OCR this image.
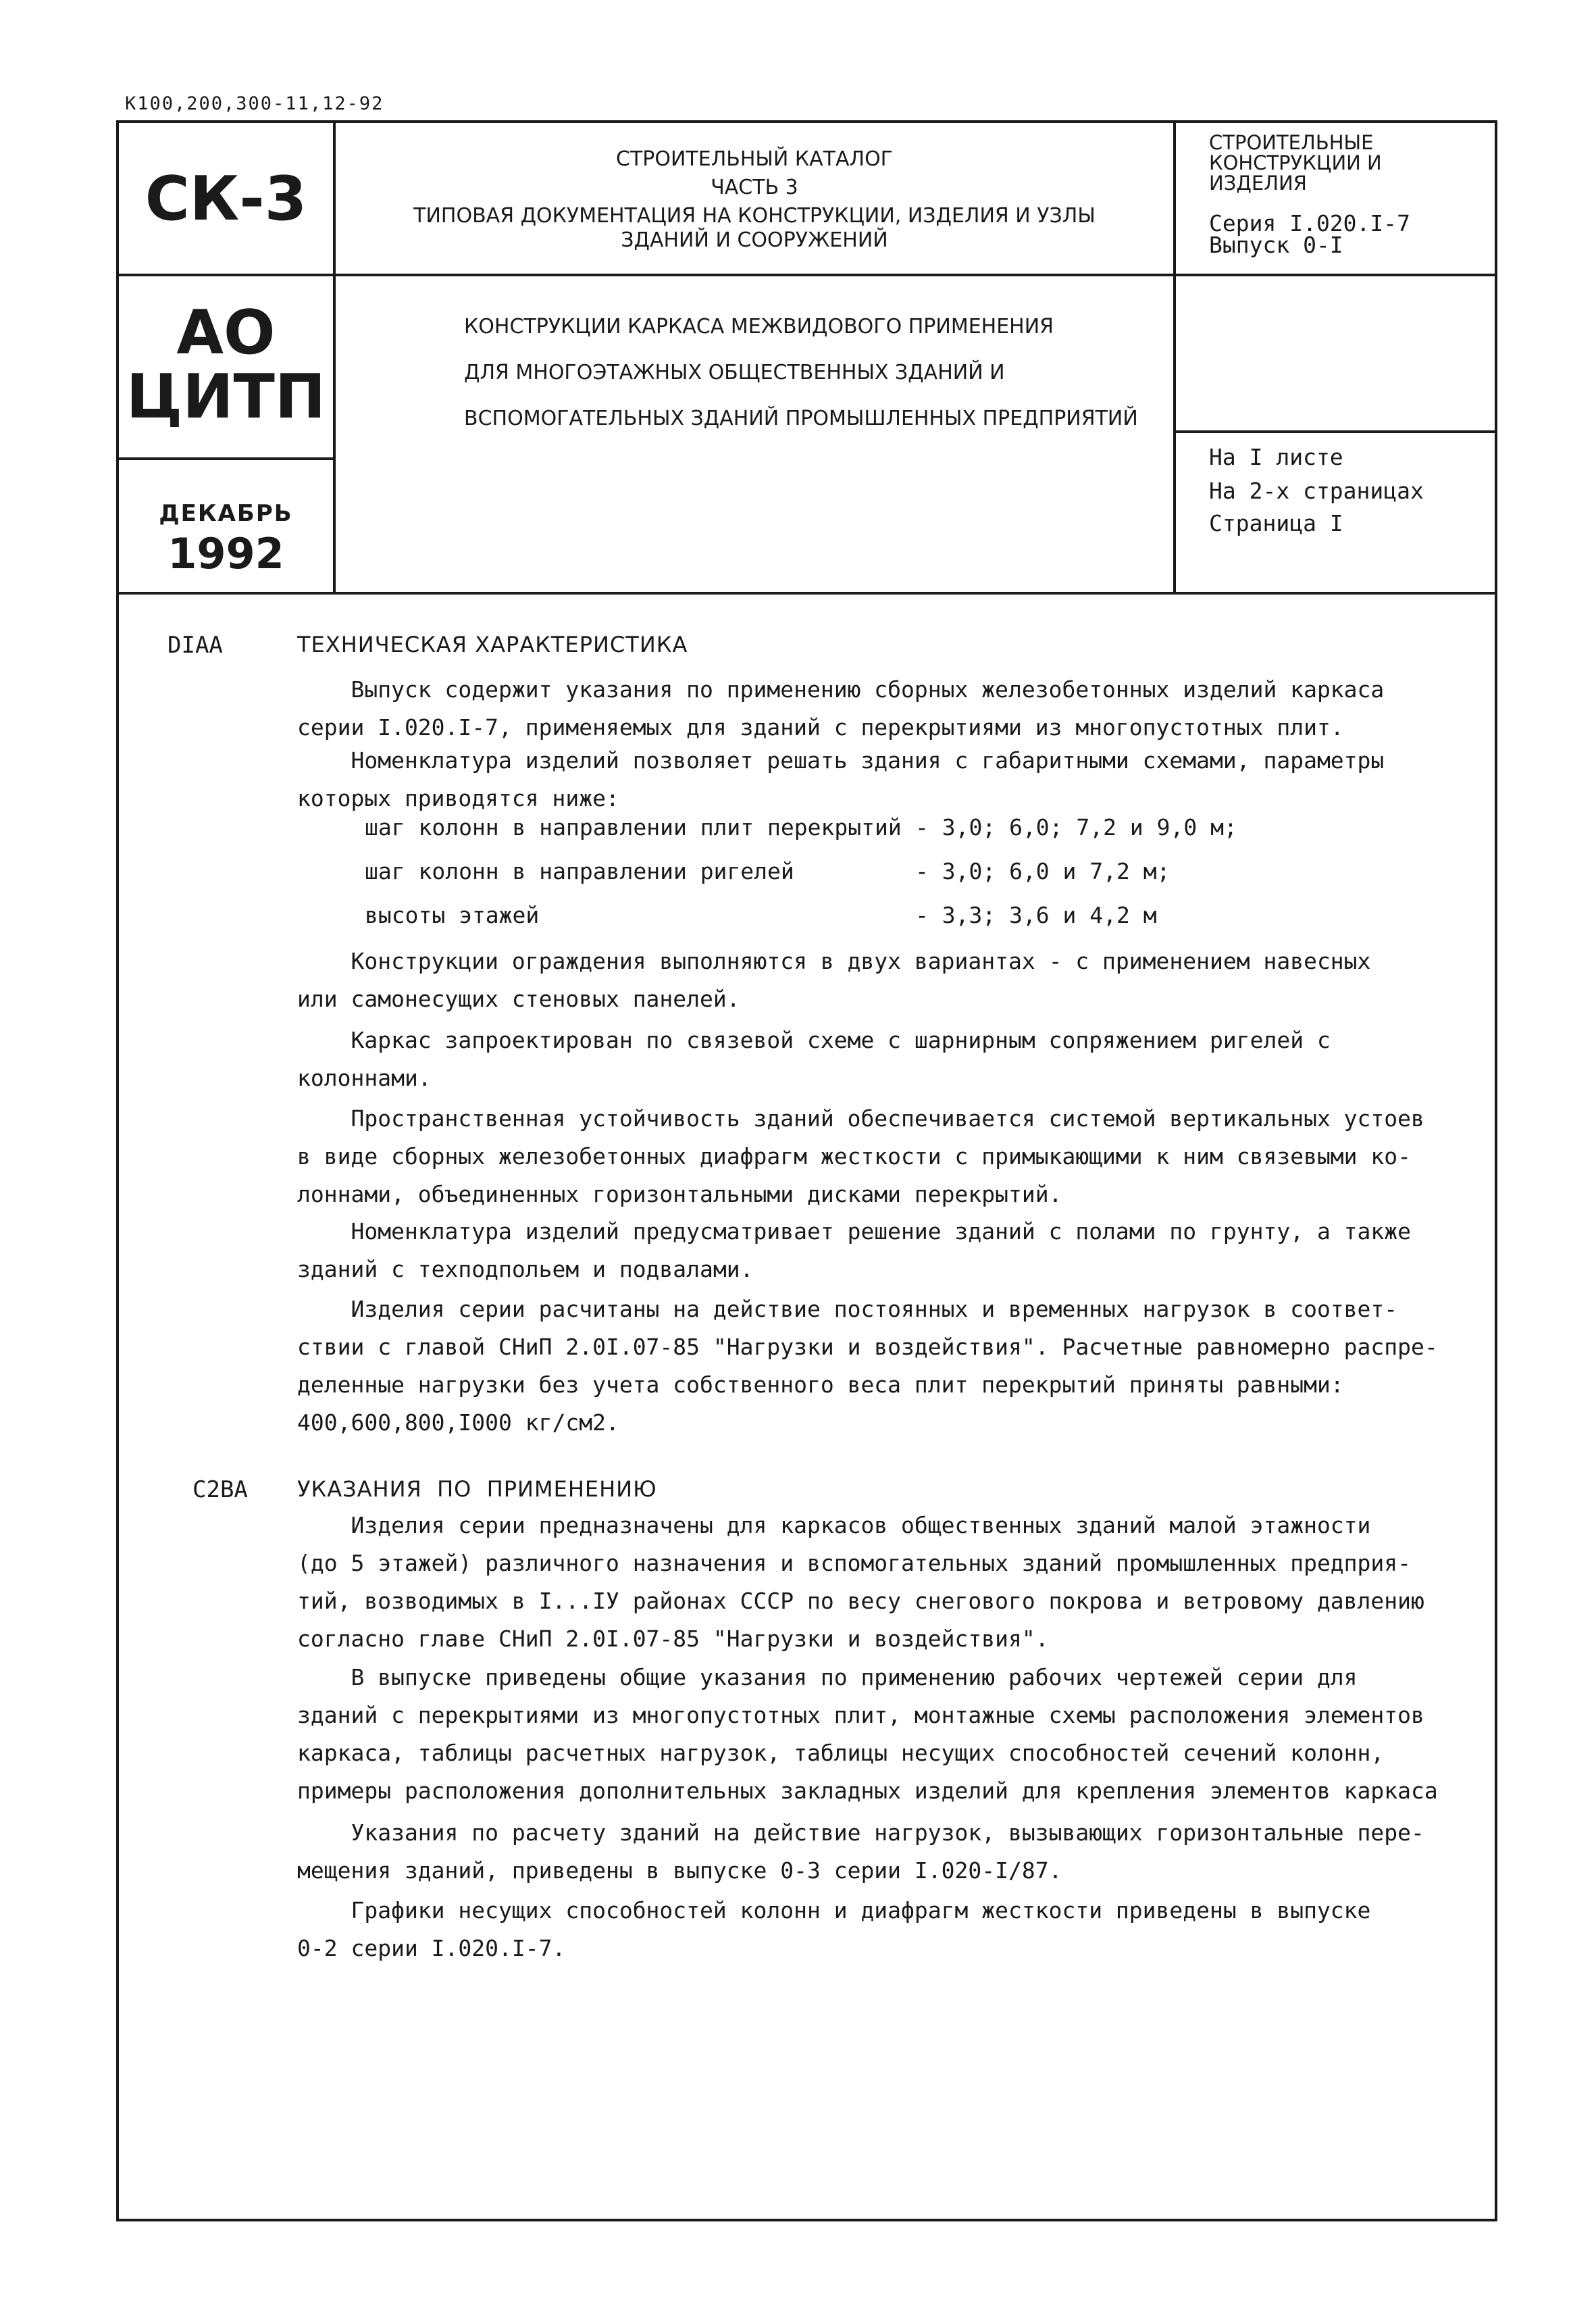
К100,200,300-11,12-92
СК-3
АО
ЦИТП
ДЕКАБРЬ
1992
СТРОИТЕЛЬНЫЙ КАТАЛОГ
ЧАСТЬ 3
ТИПОВАЯ ДОКУМЕНТАЦИЯ НА КОНСТРУКЦИИ, ИЗДЕЛИЯ И УЗЛЫ
ЗДАНИЙ И СООРУЖЕНИЙ
КОНСТРУКЦИИ КАРКАСА МЕЖВИДОВОГО ПРИМЕНЕНИЯ
ДЛЯ МНОГОЭТАЖНЫХ ОБЩЕСТВЕННЫХ ЗДАНИЙ И
ВСПОМОГАТЕЛЬНЫХ ЗДАНИЙ ПРОМЫШЛЕННЫХ ПРЕДПРИЯТИЙ
СТРОИТЕЛЬНЫЕ
КОНСТРУКЦИИ И
ИЗДЕЛИЯ
Серия I.020.I-7
Выпуск 0-I
На I листе
На 2-х страницах
Страница I
DIAA	ТЕХНИЧЕСКАЯ ХАРАКТЕРИСТИКА

Выпуск содержит указания по применению сборных железобетонных изделий каркаса
серии I.020.I-7, применяемых для зданий с перекрытиями из многопустотных плит.

Номенклатура изделий позволяет решать здания с габаритными схемами, параметры
которых приводятся ниже:

шаг колонн в направлении плит перекрытий - 3,0; 6,0; 7,2 и 9,0 м;
шаг колонн в направлении ригелей	- 3,0; 6,0 и 7,2 м;
высоты этажей	- 3,3; 3,6 и 4,2 м

Конструкции ограждения выполняются в двух вариантах - с применением навесных
или самонесущих стеновых панелей.

Каркас запроектирован по связевой схеме с шарнирным сопряжением ригелей с
колоннами.

Пространственная устойчивость зданий обеспечивается системой вертикальных устоев
в виде сборных железобетонных диафрагм жесткости с примыкающими к ним связевыми ко-
лоннами, объединенных горизонтальными дисками перекрытий.

Номенклатура изделий предусматривает решение зданий с полами по грунту, а также
зданий с техподпольем и подвалами.

Изделия серии расчитаны на действие постоянных и временных нагрузок в соответ-
ствии с главой СНиП 2.0I.07-85 "Нагрузки и воздействия". Расчетные равномерно распре-
деленные нагрузки без учета собственного веса плит перекрытий приняты равными:
400,600,800,I000 кг/см2.

C2BA УКАЗАНИЯ  ПО  ПРИМЕНЕНИЮ

Изделия серии предназначены для каркасов общественных зданий малой этажности
(до 5 этажей) различного назначения и вспомогательных зданий промышленных предприя-
тий, возводимых в I...IУ районах СССР по весу снегового покрова и ветровому давлению
согласно главе СНиП 2.0I.07-85 "Нагрузки и воздействия".

В выпуске приведены общие указания по применению рабочих чертежей серии для
зданий с перекрытиями из многопустотных плит, монтажные схемы расположения элементов
каркаса, таблицы расчетных нагрузок, таблицы несущих способностей сечений колонн,
примеры расположения дополнительных закладных изделий для крепления элементов каркаса

Указания по расчету зданий на действие нагрузок, вызывающих горизонтальные пере-
мещения зданий, приведены в выпуске 0-3 серии I.020-I/87.

Графики несущих способностей колонн и диафрагм жесткости приведены в выпуске
0-2 серии I.020.I-7.
